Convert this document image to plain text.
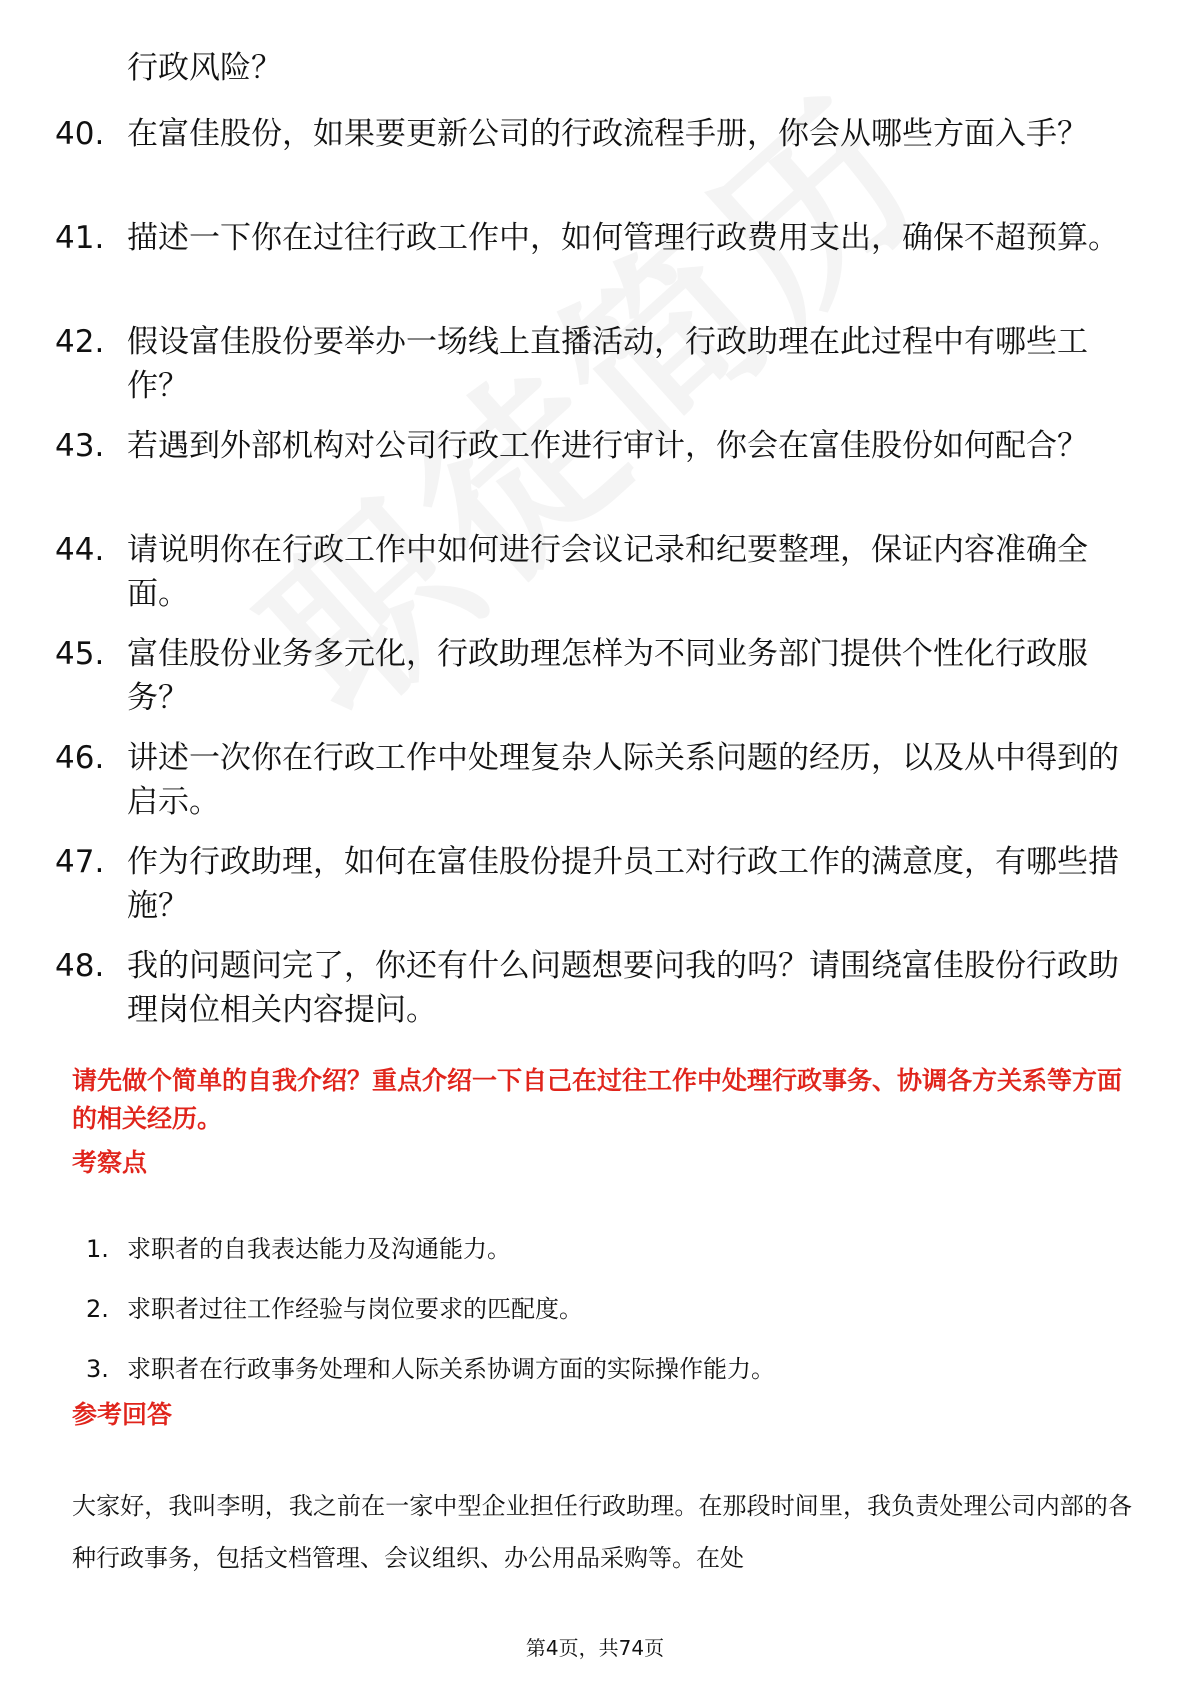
行政风险？
40. 在富佳股份，如果要更新公司的行政流程手册，你会从哪些方面入手？
41. 描述一下你在过往行政工作中，如何管理行政费用支出，确保不超预算。
42. 假设富佳股份要举办一场线上直播活动，行政助理在此过程中有哪些工作？
43. 若遇到外部机构对公司行政工作进行审计，你会在富佳股份如何配合？
44. 请说明你在行政工作中如何进行会议记录和纪要整理，保证内容准确全面。
45. 富佳股份业务多元化，行政助理怎样为不同业务部门提供个性化行政服务？
46. 讲述一次你在行政工作中处理复杂人际关系问题的经历，以及从中得到的启示。
47. 作为行政助理，如何在富佳股份提升员工对行政工作的满意度，有哪些措施？
48. 我的问题问完了，你还有什么问题想要问我的吗？请围绕富佳股份行政助理岗位相关内容提问。
请先做个简单的自我介绍？重点介绍一下自己在过往工作中处理行政事务、协调各方关系等方面的相关经历。
考察点
1. 求职者的自我表达能力及沟通能力。
2. 求职者过往工作经验与岗位要求的匹配度。
3. 求职者在行政事务处理和人际关系协调方面的实际操作能力。
参考回答
大家好，我叫李明，我之前在一家中型企业担任行政助理。在那段时间里，我负责处理公司内部的各种行政事务，包括文档管理、会议组织、办公用品采购等。在处
第4页，共74页
